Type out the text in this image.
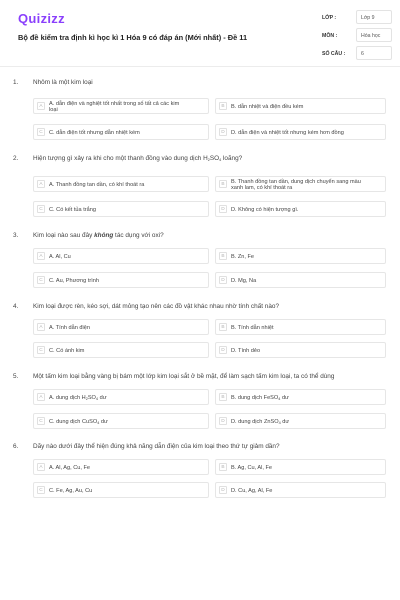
Quizizz
Bộ đề kiểm tra định kì học kì 1 Hóa 9 có đáp án (Mới nhất) - Đề 11
LỚP :	Lớp 9
MÔN :	Hóa học
SỐ CÂU :	6
1. Nhôm là một kim loại
A	A. dẫn điện và nghiệt tốt nhất trong số tất cả các kim loại
B	B. dẫn nhiệt và điện đều kém
C	C. dẫn điện tốt nhưng dẫn nhiệt kém	D	D. dẫn điện và nhiệt tốt nhưng kém hơn đồng
2. Hiện tượng gì xảy ra khi cho một thanh đồng vào dung dịch $H_2SO_4$ loãng?
A	A. Thanh đồng tan dần, có khí thoát ra	B	B. Thanh đồng tan dần, dung dịch chuyển sang màu xanh lam, có khí thoát ra
C	C. Có kết tủa trắng	D	D. Không có hiện tượng gì.
3. Kim loại nào sau đây không tác dụng với oxi?
A	A. Al, Cu	B	B. Zn, Fe
C	C. Au, Phương trình	D	D. Mg, Na
4. Kim loại được rèn, kéo sợi, dát mỏng tạo nên các đồ vật khác nhau nhờ tính chất nào?
A	A. Tính dẫn điện	B	B. Tính dẫn nhiệt
C	C. Có ánh kim	D	D. Tính dẻo
5. Một tấm kim loại bằng vàng bị bám một lớp kim loại sắt ở bề mặt, để làm sạch tấm kim loại, ta có thể dùng
A	A. dung dịch $H_2SO_4$ dư	B	B. dung dịch FeSO$_4$ dư
C	C. dung dịch CuSO$_4$ dư	D	D. dung dịch ZnSO$_4$ dư
6. Dãy nào dưới đây thể hiện đúng khả năng dẫn điện của kim loại theo thứ tự giảm dần?
A	A. Al, Ag, Cu, Fe	B	B. Ag, Cu, Al, Fe
C	C. Fe, Ag, Au, Cu	D	D. Cu, Ag, Al, Fe
